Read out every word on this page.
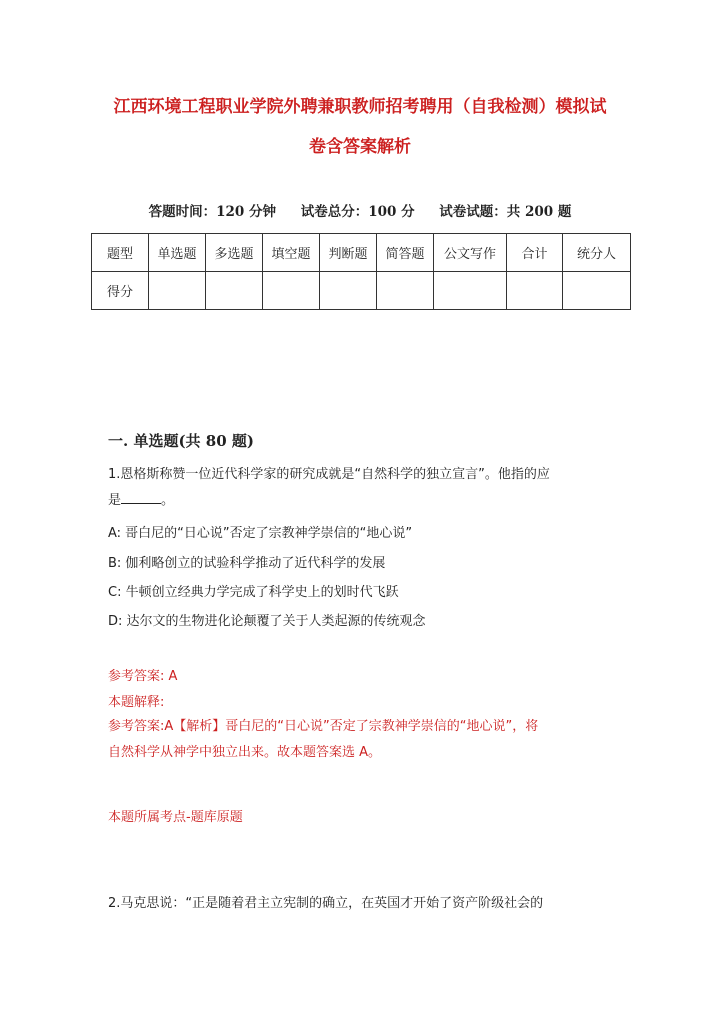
江西环境工程职业学院外聘兼职教师招考聘用（自我检测）模拟试

卷含答案解析

答题时间：120 分钟 试卷总分：100 分 试卷试题：共 200 题
题型	单选题	多选题	填空题	判断题	简答题	公文写作	合计	统分人
得分								
一. 单选题(共 80 题)
1.恩格斯称赞一位近代科学家的研究成就是“自然科学的独立宣言”。他指的应
是	。
A: 哥白尼的“日心说”否定了宗教神学崇信的“地心说”
B: 伽利略创立的试验科学推动了近代科学的发展
C: 牛顿创立经典力学完成了科学史上的划时代飞跃
D: 达尔文的生物进化论颠覆了关于人类起源的传统观念
参考答案: A
本题解释:
参考答案:A【解析】哥白尼的“日心说”否定了宗教神学崇信的“地心说”，将
自然科学从神学中独立出来。故本题答案选 A。
本题所属考点-题库原题
2.马克思说：“正是随着君主立宪制的确立，在英国才开始了资产阶级社会的
